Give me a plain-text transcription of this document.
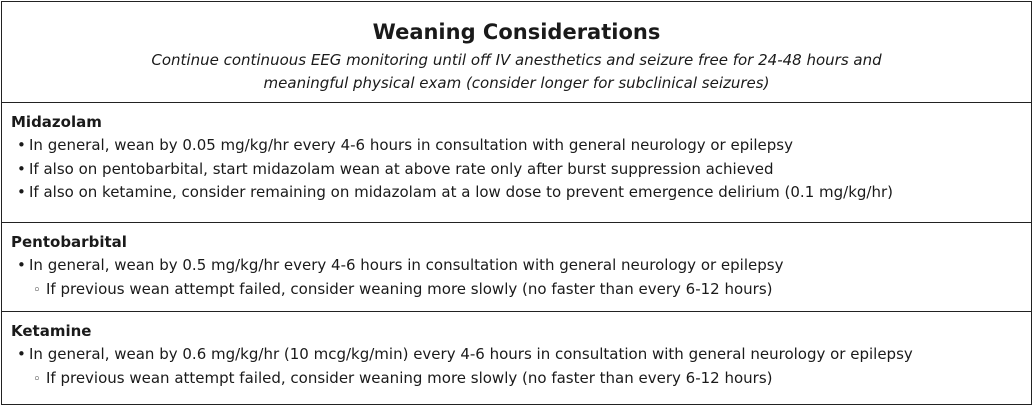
Weaning Considerations
Continue continuous EEG monitoring until off IV anesthetics and seizure free for 24-48 hours and meaningful physical exam (consider longer for subclinical seizures)
Midazolam
• In general, wean by 0.05 mg/kg/hr every 4-6 hours in consultation with general neurology or epilepsy
• If also on pentobarbital, start midazolam wean at above rate only after burst suppression achieved
• If also on ketamine, consider remaining on midazolam at a low dose to prevent emergence delirium (0.1 mg/kg/hr)
Pentobarbital
• In general, wean by 0.5 mg/kg/hr every 4-6 hours in consultation with general neurology or epilepsy
◦ If previous wean attempt failed, consider weaning more slowly (no faster than every 6-12 hours)
Ketamine
• In general, wean by 0.6 mg/kg/hr (10 mcg/kg/min) every 4-6 hours in consultation with general neurology or epilepsy
◦ If previous wean attempt failed, consider weaning more slowly (no faster than every 6-12 hours)
